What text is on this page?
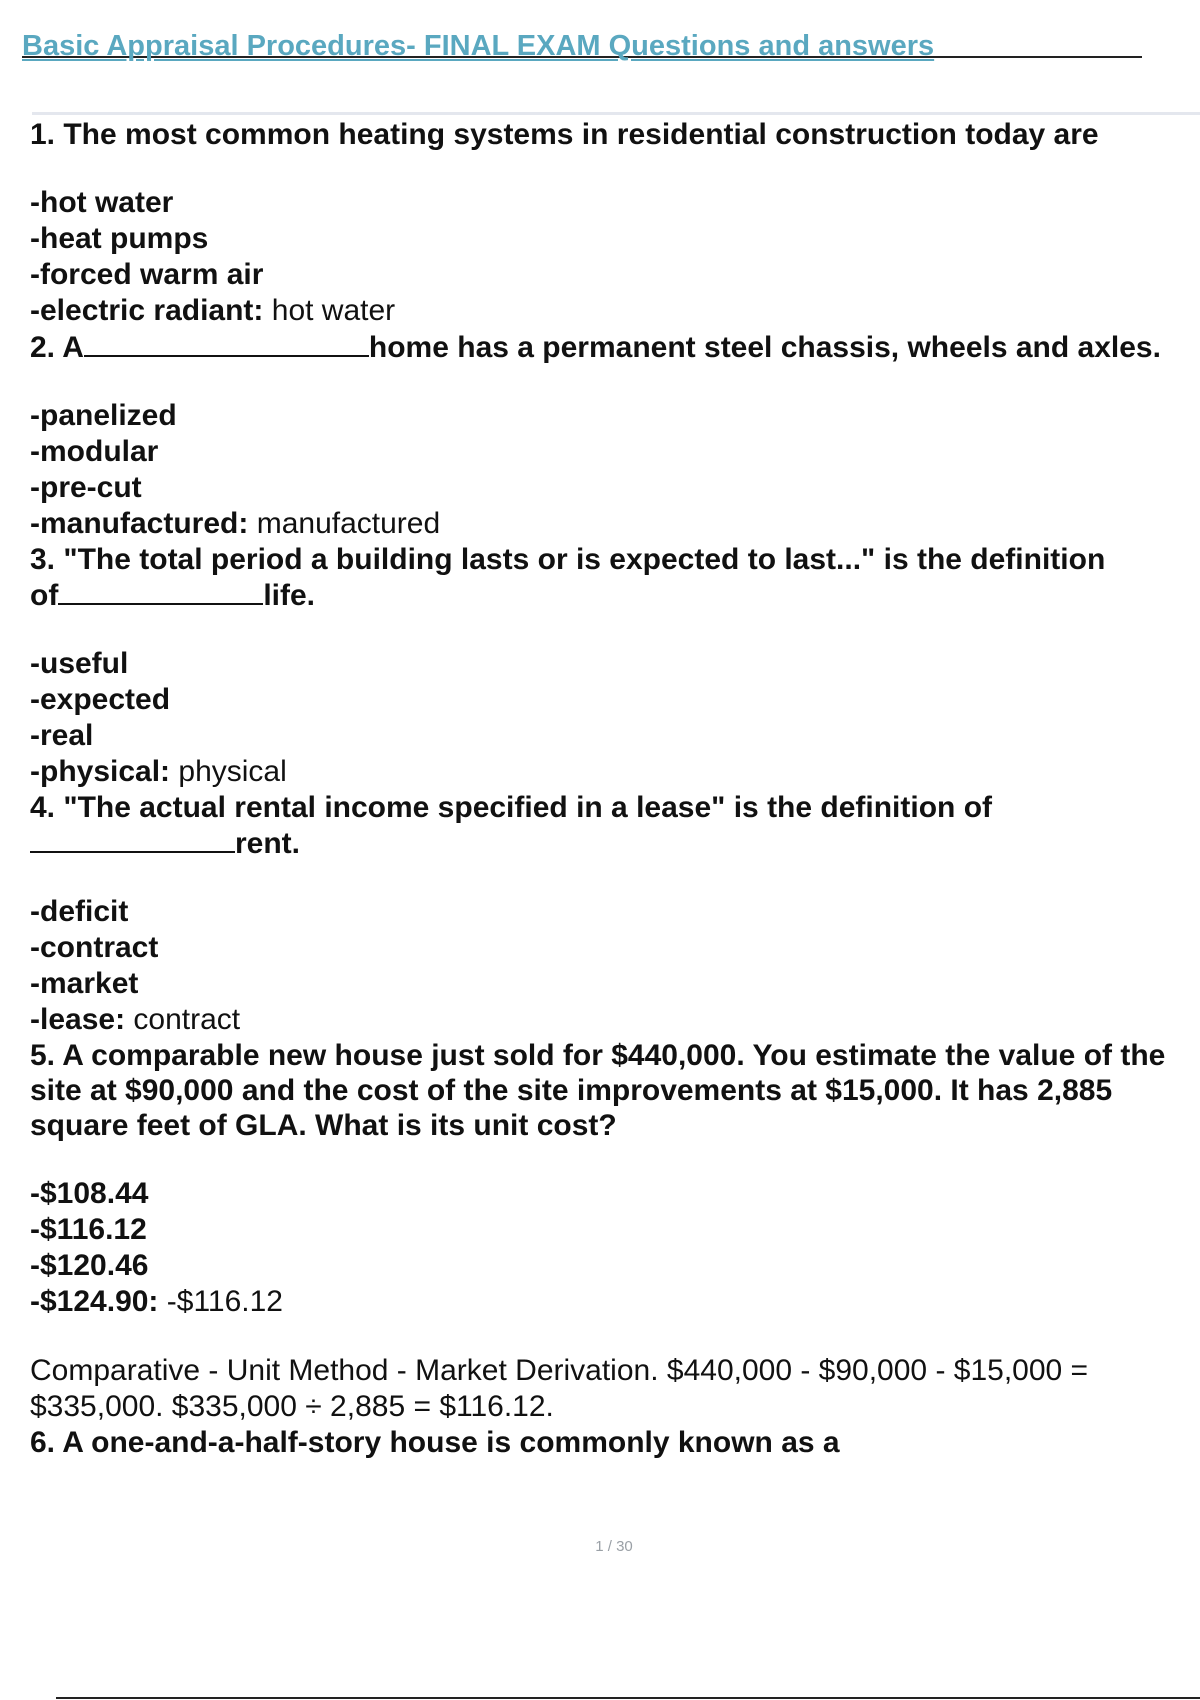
Basic Appraisal Procedures- FINAL EXAM Questions and answers

1. The most common heating systems in residential construction today are

-hot water

-heat pumps

-forced warm air

-electric radiant: hot water

2. A	home has a permanent steel chassis, wheels and axles.

-panelized

-modular

-pre-cut

-manufactured: manufactured

3. "The total period a building lasts or is expected to last..." is the definition

of	life.

-useful

-expected

-real

-physical: physical

4. "The actual rental income specified in a lease" is the definition of

rent.

-deficit

-contract

-market

-lease: contract

5. A comparable new house just sold for $440,000. You estimate the value of the site at $90,000 and the cost of the site improvements at $15,000. It has 2,885 square feet of GLA. What is its unit cost?

-$108.44

-$116.12

-$120.46

-$124.90: -$116.12

Comparative - Unit Method - Market Derivation. $440,000 - $90,000 - $15,000 = $335,000. $335,000 ÷ 2,885 = $116.12.

6. A one-and-a-half-story house is commonly known as a

1 / 30
